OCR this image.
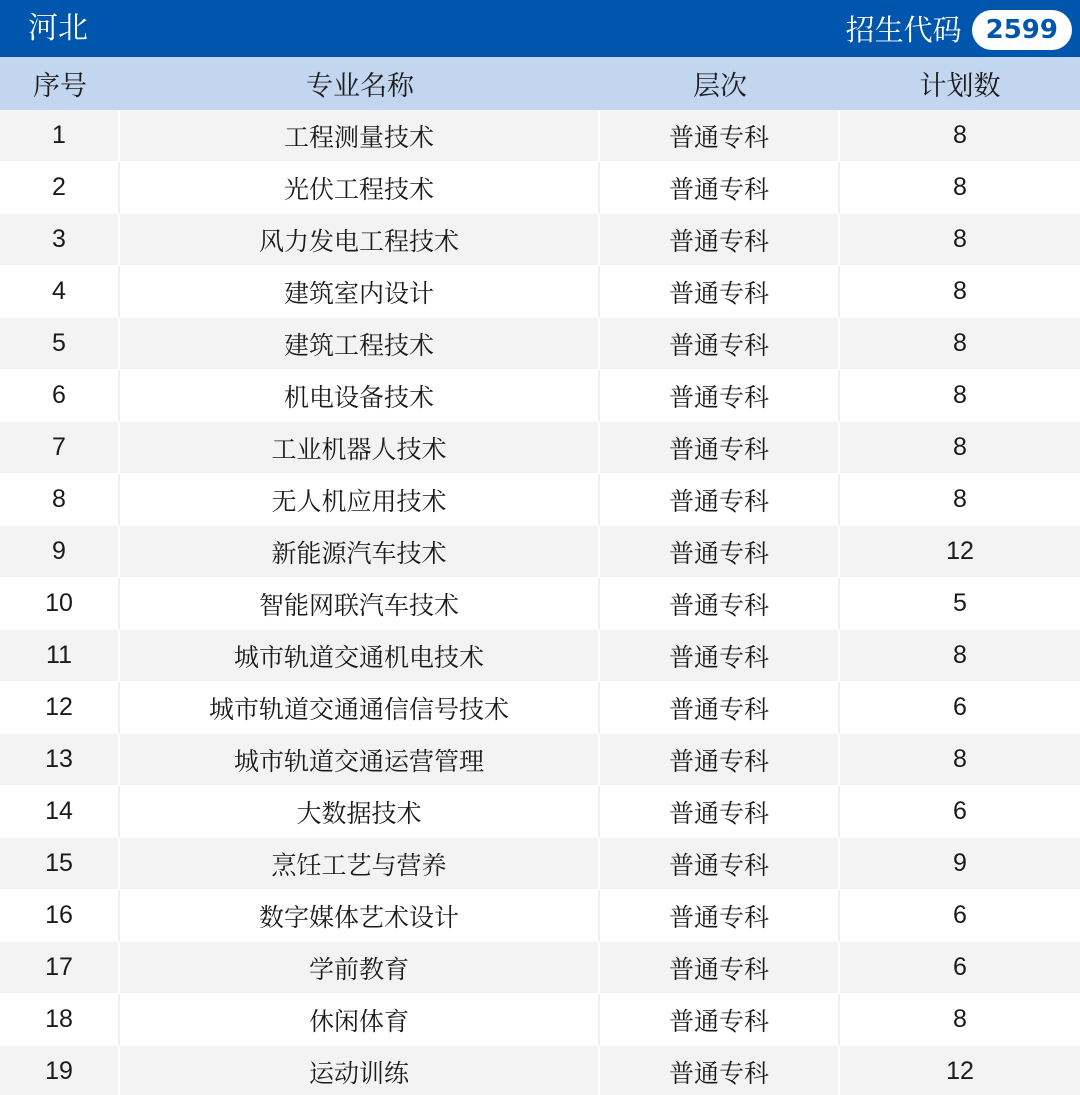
河北	招生代码 2599
序号	专业名称	层次	计划数
1	工程测量技术	普通专科	8
2	光伏工程技术	普通专科	8
3	风力发电工程技术	普通专科	8
4	建筑室内设计	普通专科	8
5	建筑工程技术	普通专科	8
6	机电设备技术	普通专科	8
7	工业机器人技术	普通专科	8
8	无人机应用技术	普通专科	8
9	新能源汽车技术	普通专科	12
10	智能网联汽车技术	普通专科	5
11	城市轨道交通机电技术	普通专科	8
12	城市轨道交通通信信号技术	普通专科	6
13	城市轨道交通运营管理	普通专科	8
14	大数据技术	普通专科	6
15	烹饪工艺与营养	普通专科	9
16	数字媒体艺术设计	普通专科	6
17	学前教育	普通专科	6
18	休闲体育	普通专科	8
19	运动训练	普通专科	12
